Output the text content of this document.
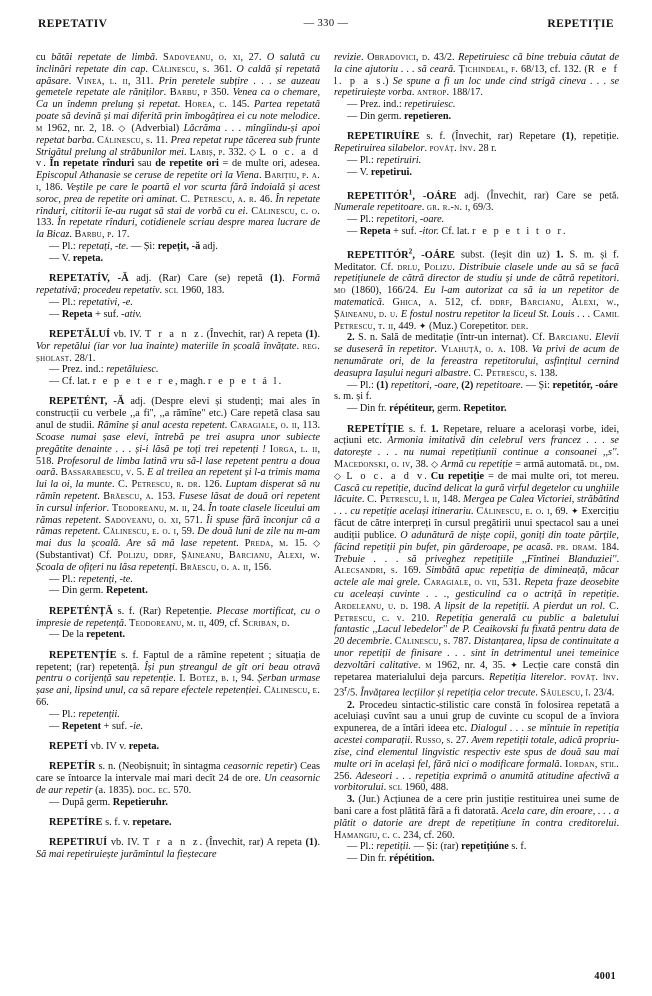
REPETATIV	— 330 —	REPETIȚIE

cu bătăi repetate de limbă. Sadoveanu, o. xi, 27. O salută cu înclinări repetate din cap. Călinescu, s. 361. O caldă și repetată apăsare. Vinea, l. ii, 311. Prin peretele subțire . . . se auzeau gemetele repetate ale răniților. Barbu, p 350. Venea ca o chemare, Ca un îndemn prelung și repetat. Horea, c. 145. Partea repetată poate să devină și mai diferită prin îmbogățirea ei cu note melodice. m 1962, nr. 2, 18. ◇ (Adverbial) Lăcrăma . . . mîngîindu-și apoi repetat barba. Călinescu, s. 11. Prea repetat rupe tăcerea sub frunte Strigătul prelung al străbunilor mei. Labiș, p. 332. ◇ L o c. a d v. În repetate rînduri sau de repetite ori = de multe ori, adesea. Episcopul Athanasie se ceruse de repetite ori la Viena. Barițiu, p. a. i, 186. Veștile pe care le poartă el vor scurta fără îndoială și acest soroc, prea de repetite ori aminat. C. Petrescu, a. r. 46. În repetate rînduri, cititorii îe-au rugat să stai de vorbă cu ei. Călinescu, c. o. 133. În repetate rînduri, cotidienele scriau despre marea lucrare de la Bicaz. Barbu, p. 17.

— Pl.: repetați, -te. — Și: repețit, -ă adj.

— V. repeta.

REPETATÍV, -Ă adj. (Rar) Care (se) repetă (1). Formă repetativă; procedeu repetativ. scl 1960, 183.

— Pl.: repetativi, -e.

— Repeta + suf. -ativ.

REPETĂLUÍ vb. IV. T r a n z. (Învechit, rar) A repeta (1). Vor repetălui (iar vor lua înainte) materiile în școală învățate. reg. șholast. 28/1.

— Prez. ind.: repetăluiesc.

— Cf. lat. r e p e t e r e, magh. r e p e t á l.

REPETÉNT, -Ă adj. (Despre elevi și studenți; mai ales în construcții cu verbele ,,a fi'', ,,a rămîne'' etc.) Care repetă clasa sau anul de studii. Rămîne și anul acesta repetent. Caragiale, o. ii, 113. Scoase numai șase elevi, întrebă pe trei asupra unor subiecte pregătite denainte . . . și-i lăsă pe toți trei repetenți ! Iorga, l. ii, 518. Profesorul de limba latină vru să-l lase repetent pentru a doua oară. Bassarabescu, v. 5. E al treilea an repetent și l-a trimis mama lui la oi, la munte. C. Petrescu, r. dr. 126. Luptam disperat să nu rămîn repetent. Brăescu, a. 153. Fusese lăsat de două ori repetent în cursul inferior. Teodoreanu, m. ii, 24. În toate clasele liceului am rămas repetent. Sadoveanu, o. xi, 571. Îi spuse fără înconjur că a rămas repetent. Călinescu, e. o. i, 59. De două luni de zile nu m-am mai dus la școală. Are să mă lase repetent. Preda, m. 15. ◇ (Substantivat) Cf. Polizu, ddrf, Șăineanu, Barcianu, Alexi, w. Școala de ofițeri nu lăsa repetenți. Brăescu, o. a. ii, 156.

— Pl.: repetenți, -te.

— Din germ. Repetent.

REPETÉNȚĂ s. f. (Rar) Repetenție. Plecase mortificat, cu o impresie de repetență. Teodoreanu, m. ii, 409, cf. Scriban, d.

— De la repetent.

REPETENȚÍE s. f. Faptul de a rămîne repetent ; situația de repetent; (rar) repetență. Își pun ștreangul de gît ori beau otravă pentru o corijență sau repetenție. I. Botez, b. i, 94. Șerban urmase șase ani, lipsind unul, ca să repare efectele repetenției. Călinescu, e. 66.

— Pl.: repetenții.

— Repetent + suf. -ie.

REPETÍ vb. IV v. repeta.

REPETÍR s. n. (Neobișnuit; în sintagma ceasornic repetir) Ceas care se întoarce la intervale mai mari decît 24 de ore. Un ceasornic de aur repetir (a. 1835). doc. ec. 570.

— După germ. Repetieruhr.

REPETÍRE s. f. v. repetare.

REPETIRUÍ vb. IV. T r a n z. (Învechit, rar) A repeta (1). Să mai repetiruiește jurămîntul la fieștecare

revizie. Obradovici, d. 43/2. Repetiruiesc că bine trebuia căutat de la cine ajutoriu . . . să ceară. Țichindeal, f. 68/13, cf. 132. (R e f l. p a s.) Se spune a fi un loc unde cind strigă cineva . . . se repetiruiește vorba. antrop. 188/17.

— Prez. ind.: repetiruiesc.

— Din germ. repetieren.

REPETIRUÍRE s. f. (Învechit, rar) Repetare (1), repetiție. Repetiruirea silabelor. povăț. înv. 28 r.

— Pl.: repetiruiri.

— V. repetirui.

REPETITÓR$^1$, -OÁRE adj. (Învechit, rar) Care se petă. Numerale repetitoare. gr. r.-n. i, 69/3.

— Pl.: repetitori, -oare.

— Repeta + suf. -itor. Cf. lat. r e p e t i t o r.

REPETITÓR$^2$, -OÁRE subst. (Ieșit din uz) 1. S. m. și f. Meditator. Cf. drlu, Polizu. Distribuie clasele unde au să se facă repetițiunele de cătră director de studiu și unde de cătră repetitori. mo (1860), 166/24. Eu l-am autorizat ca să ia un repetitor de matematică. Ghica, a. 512, cf. ddrf, Barcianu, Alexi, w., Șăineanu, d. u. E fostul nostru repetitor la liceul St. Louis . . . Camil Petrescu, t. ii, 449. ✦ (Muz.) Corepetitor. der.

2. S. n. Sală de meditație (într-un internat). Cf. Barcianu. Elevii se duseseră în repetitor. Vlahuță, o. a. 108. Va privi de acum de nenumărate ori, de la fereastra repetitorului, asfințitul cernind deasupra Iașului neguri albastre. C. Petrescu, s. 138.

— Pl.: (1) repetitori, -oare, (2) repetitoare. — Și: repetitór, -oáre s. m. și f.

— Din fr. répétiteur, germ. Repetitor.

REPETÍȚIE s. f. 1. Repetare, reluare a acelorași vorbe, idei, acțiuni etc. Armonia imitativă din celebrul vers francez . . . se datorește . . . nu numai repetițiunii continue a consoanei ,,s''. Macedonski, o. iv, 38. ◇ Armă cu repetiție = armă automată. dl, dm. ◇ L o c. a d v. Cu repetiție = de mai multe ori, tot mereu. Cască cu repetiție, ducînd delicat la gură virful degetelor cu unghiile lăcuite. C. Petrescu, î. ii, 148. Mergea pe Calea Victoriei, străbătînd . . . cu repetiție același itinerariu. Călinescu, e. o. i, 69. ✦ Exercițiu făcut de către interpreți în cursul pregătirii unui spectacol sau a unei audiții publice. O adunătură de nișțe copii, goniți din toate părțile, făcind repetiții pin bufet, pin gărderoape, pe acasă. pr. dram. 184. Trebuie . . . să priveghez repetițiile ,,Fîntînei Blanduziei''. Alecsandri, s. 169. Simbătă apuc repetiția de dimineață, măcar actele ale mai grele. Caragiale, o. vii, 531. Repeta fraze deosebite cu aceleași cuvinte . . ., gesticulind ca o actriță în repetiție. Ardeleanu, u. d. 198. A lipsit de la repetiții. A pierdut un rol. C. Petrescu, c. v. 210. Repetiția generală cu public a baletului fantastic ,,Lacul lebedelor'' de P. Ceaikovski fu fixată pentru data de 20 decembrie. Călinescu, s. 787. Distanțarea, lipsa de continuitate a unor repetiții de finisare . . . sint în detrimentul unei temeinice dezvoltări calitative. m 1962, nr. 4, 35. ✦ Lecție care constă din repetarea materialului deja parcurs. Repetiția literelor. povăț. înv. 23$^r$/5. Învățarea lecțiilor și repetiția celor trecute. Săulescu, î. 23/4.

2. Procedeu sintactic-stilistic care constă în folosirea repetată a aceluiași cuvînt sau a unui grup de cuvinte cu scopul de a înviora expunerea, de a întări ideea etc. Dialogul . . . se mîntuie în repetiția acestei comparații. Russo, s. 27. Avem repetiții totale, adică propriu-zise, cind elementul lingvistic respectiv este spus de două sau mai multe ori în același fel, fără nici o modificare formală. Iordan, stil. 256. Adesеori . . . repetiția exprimă o anumită atitudine afectivă a vorbitorului. scl 1960, 488.

3. (Jur.) Acțiunea de a cere prin justiție restituirea unei sume de bani care a fost plătită fără a fi datorată. Acela care, din eroare, . . . a plătit o datorie are drept de repetițiune în contra creditorelui. Hamangiu, c. c. 234, cf. 260.

— Pl.: repetiții. — Și: (rar) repetițiúne s. f.

— Din fr. répétition.

4001
